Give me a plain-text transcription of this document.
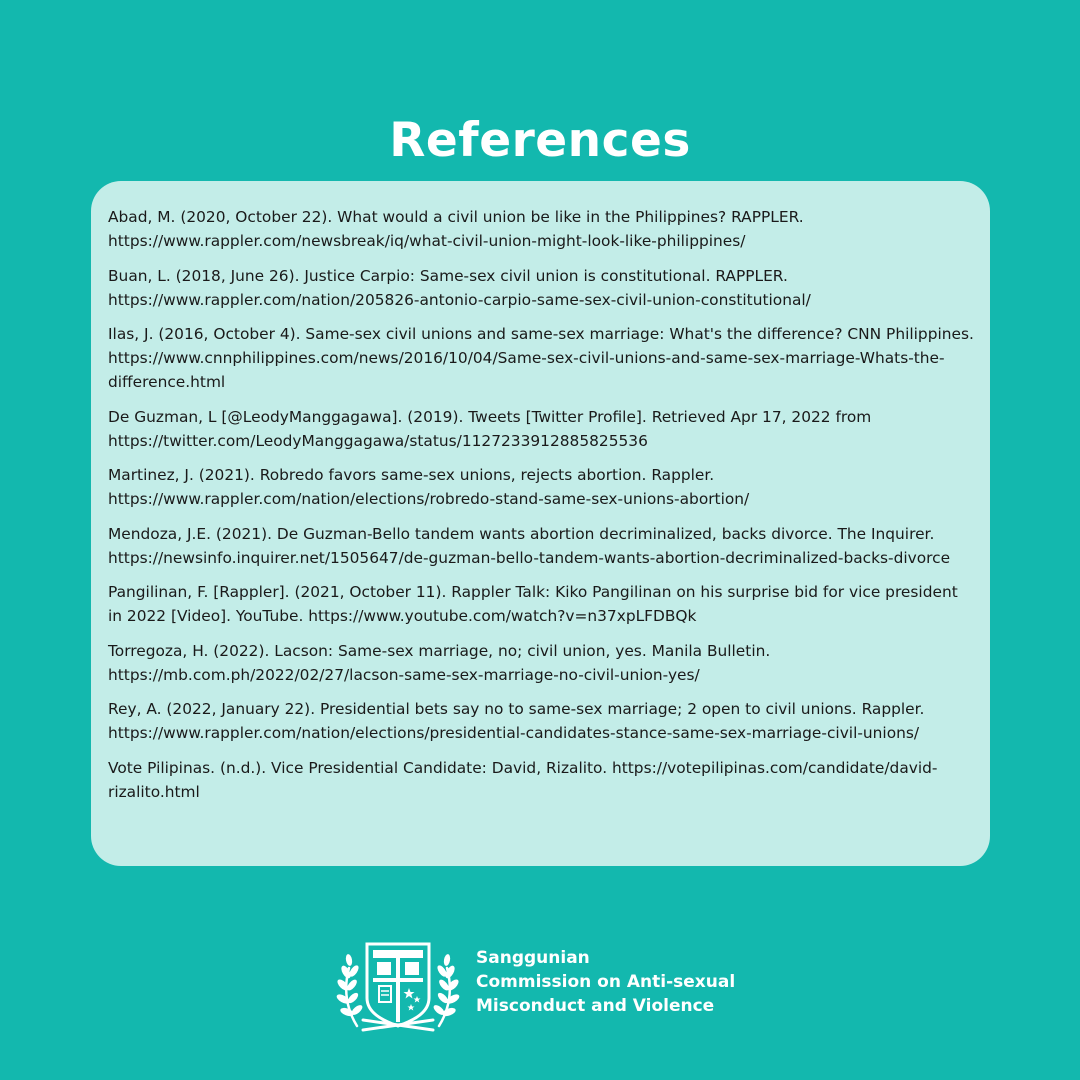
References

Abad, M. (2020, October 22). What would a civil union be like in the Philippines? RAPPLER. https://www.rappler.com/newsbreak/iq/what-civil-union-might-look-like-philippines/

Buan, L. (2018, June 26). Justice Carpio: Same-sex civil union is constitutional. RAPPLER. https://www.rappler.com/nation/205826-antonio-carpio-same-sex-civil-union-constitutional/

Ilas, J. (2016, October 4). Same-sex civil unions and same-sex marriage: What's the difference? CNN Philippines. https://www.cnnphilippines.com/news/2016/10/04/Same-sex-civil-unions-and-same-sex-marriage-Whats-the-difference.html

De Guzman, L [@LeodyManggagawa]. (2019). Tweets [Twitter Profile]. Retrieved Apr 17, 2022 from https://twitter.com/LeodyManggagawa/status/1127233912885825536

Martinez, J. (2021). Robredo favors same-sex unions, rejects abortion. Rappler. https://www.rappler.com/nation/elections/robredo-stand-same-sex-unions-abortion/

Mendoza, J.E. (2021). De Guzman-Bello tandem wants abortion decriminalized, backs divorce. The Inquirer. https://newsinfo.inquirer.net/1505647/de-guzman-bello-tandem-wants-abortion-decriminalized-backs-divorce

Pangilinan, F. [Rappler]. (2021, October 11). Rappler Talk: Kiko Pangilinan on his surprise bid for vice president in 2022 [Video]. YouTube. https://www.youtube.com/watch?v=n37xpLFDBQk

Torregoza, H. (2022). Lacson: Same-sex marriage, no; civil union, yes. Manila Bulletin. https://mb.com.ph/2022/02/27/lacson-same-sex-marriage-no-civil-union-yes/

Rey, A. (2022, January 22). Presidential bets say no to same-sex marriage; 2 open to civil unions. Rappler. https://www.rappler.com/nation/elections/presidential-candidates-stance-same-sex-marriage-civil-unions/

Vote Pilipinas. (n.d.). Vice Presidential Candidate: David, Rizalito. https://votepilipinas.com/candidate/david-rizalito.html

Sanggunian
Commission on Anti-sexual
Misconduct and Violence
